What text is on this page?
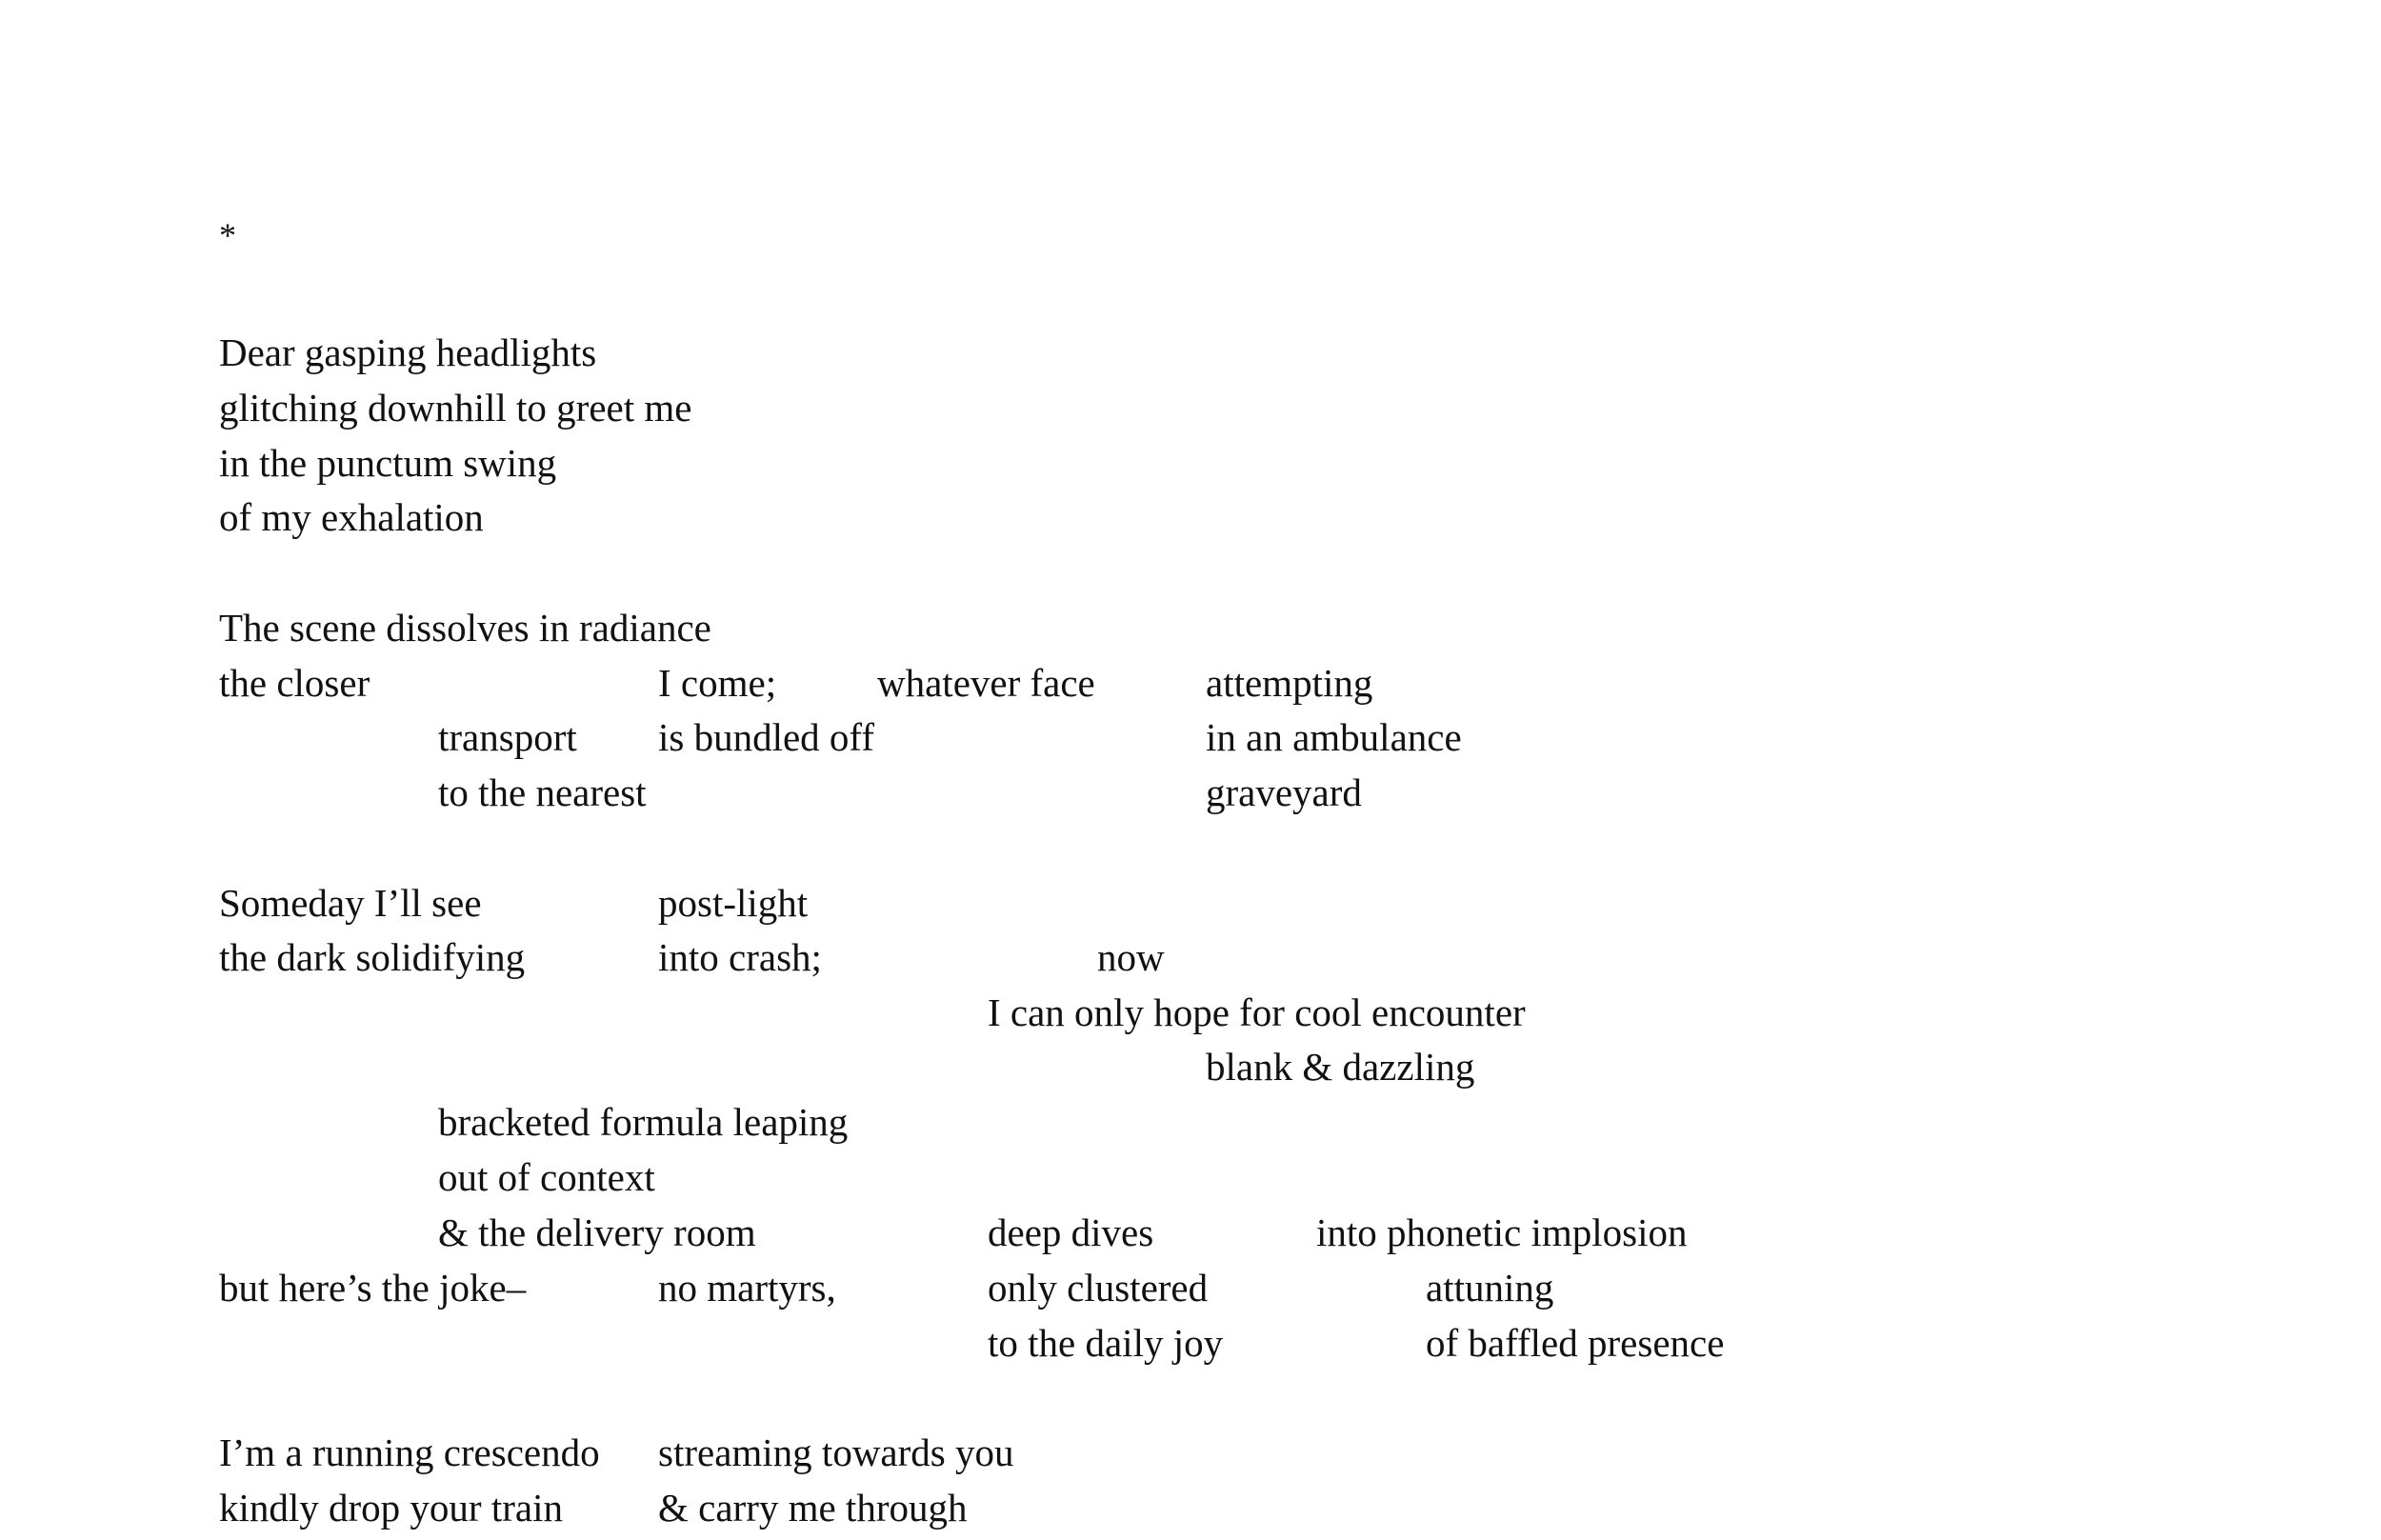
*
Dear gasping headlights
glitching downhill to greet me
in the punctum swing
of my exhalation
The scene dissolves in radiance
the closer	I come;	whatever face	attempting
transport is bundled off	in an ambulance
to the nearest	graveyard
Someday I’ll see	post-light
the dark solidifying	into crash;	now
I can only hope for cool encounter
blank & dazzling
bracketed formula leaping
out of context
& the delivery room	deep dives	into phonetic implosion
but here’s the joke–	no martyrs,	only clustered	attuning
to the daily joy	of baffled presence
I’m a running crescendo streaming towards you
kindly drop your train & carry me through
